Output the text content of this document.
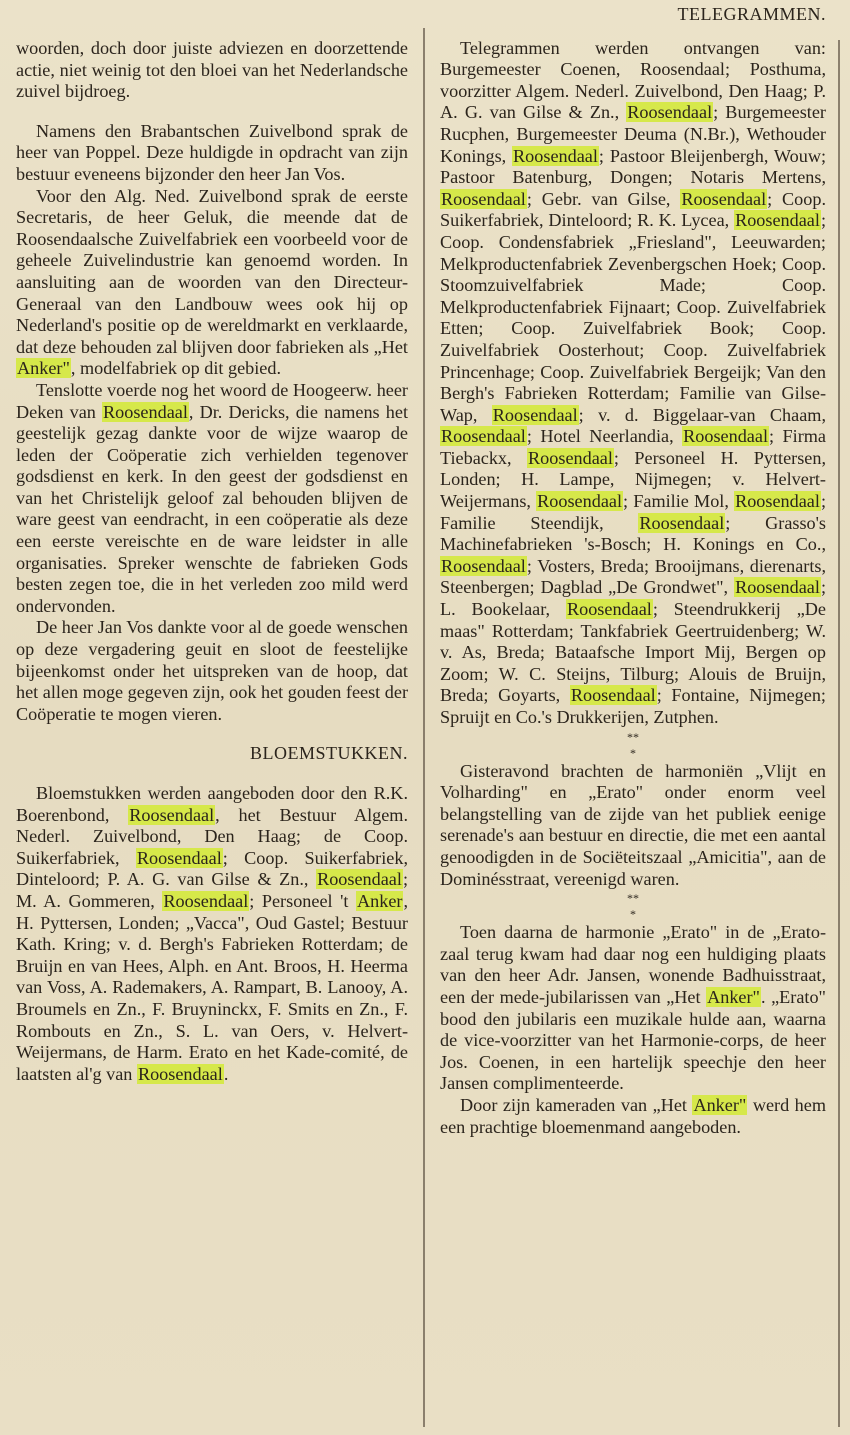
woorden, doch door juiste adviezen en doorzettende actie, niet weinig tot den bloei van het Nederlandsche zuivel bijdroeg.

Namens den Brabantschen Zuivelbond sprak de heer van Poppel. Deze huldigde in opdracht van zijn bestuur eveneens bijzonder den heer Jan Vos.

Voor den Alg. Ned. Zuivelbond sprak de eerste Secretaris, de heer Geluk, die meende dat de Roosendaalsche Zuivelfabriek een voorbeeld voor de geheele Zuivelindustrie kan genoemd worden. In aansluiting aan de woorden van den Directeur-Generaal van den Landbouw wees ook hij op Nederland's positie op de wereldmarkt en verklaarde, dat deze behouden zal blijven door fabrieken als „Het Anker", modelfabriek op dit gebied.

Tenslotte voerde nog het woord de Hoogeerw. heer Deken van Roosendaal, Dr. Dericks, die namens het geestelijk gezag dankte voor de wijze waarop de leden der Coöperatie zich verhielden tegenover godsdienst en kerk. In den geest der godsdienst en van het Christelijk geloof zal behouden blijven de ware geest van eendracht, in een coöperatie als deze een eerste vereischte en de ware leidster in alle organisaties. Spreker wenschte de fabrieken Gods besten zegen toe, die in het verleden zoo mild werd ondervonden.

De heer Jan Vos dankte voor al de goede wenschen op deze vergadering geuit en sloot de feestelijke bijeenkomst onder het uitspreken van de hoop, dat het allen moge gegeven zijn, ook het gouden feest der Coöperatie te mogen vieren.

BLOEMSTUKKEN.

Bloemstukken werden aangeboden door den R.K. Boerenbond, Roosendaal, het Bestuur Algem. Nederl. Zuivelbond, Den Haag; de Coop. Suikerfabriek, Roosendaal; Coop. Suikerfabriek, Dinteloord; P. A. G. van Gilse & Zn., Roosendaal; M. A. Gommeren, Roosendaal; Personeel 't Anker, H. Pyttersen, Londen; „Vacca", Oud Gastel; Bestuur Kath. Kring; v. d. Bergh's Fabrieken Rotterdam; de Bruijn en van Hees, Alph. en Ant. Broos, H. Heerma van Voss, A. Rademakers, A. Rampart, B. Lanooy, A. Broumels en Zn., F. Bruyninckx, F. Smits en Zn., F. Rombouts en Zn., S. L. van Oers, v. Helvert-Weijermans, de Harm. Erato en het Kade-comité, de laatsten al'g van Roosendaal.

TELEGRAMMEN.

Telegrammen werden ontvangen van: Burgemeester Coenen, Roosendaal; Posthuma, voorzitter Algem. Nederl. Zuivelbond, Den Haag; P. A. G. van Gilse & Zn., Roosendaal; Burgemeester Rucphen, Burgemeester Deuma (N.Br.), Wethouder Konings, Roosendaal; Pastoor Bleijenbergh, Wouw; Pastoor Batenburg, Dongen; Notaris Mertens, Roosendaal; Gebr. van Gilse, Roosendaal; Coop. Suikerfabriek, Dinteloord; R. K. Lycea, Roosendaal; Coop. Condensfabriek „Friesland", Leeuwarden; Melkproductenfabriek Zevenbergschen Hoek; Coop. Stoomzuivelfabriek Made; Coop. Melkproductenfabriek Fijnaart; Coop. Zuivelfabriek Etten; Coop. Zuivelfabriek Book; Coop. Zuivelfabriek Oosterhout; Coop. Zuivelfabriek Princenhage; Coop. Zuivelfabriek Bergeijk; Van den Bergh's Fabrieken Rotterdam; Familie van Gilse-Wap, Roosendaal; v. d. Biggelaar-van Chaam, Roosendaal; Hotel Neerlandia, Roosendaal; Firma Tiebackx, Roosendaal; Personeel H. Pyttersen, Londen; H. Lampe, Nijmegen; v. Helvert-Weijermans, Roosendaal; Familie Mol, Roosendaal; Familie Steendijk, Roosendaal; Grasso's Machinefabrieken 's-Bosch; H. Konings en Co., Roosendaal; Vosters, Breda; Brooijmans, dierenarts, Steenbergen; Dagblad „De Grondwet", Roosendaal; L. Bookelaar, Roosendaal; Steendrukkerij „De maas" Rotterdam; Tankfabriek Geertruidenberg; W. v. As, Breda; Bataafsche Import Mij, Bergen op Zoom; W. C. Steijns, Tilburg; Alouis de Bruijn, Breda; Goyarts, Roosendaal; Fontaine, Nijmegen; Spruijt en Co.'s Drukkerijen, Zutphen.

**
*

Gisteravond brachten de harmoniën „Vlijt en Volharding" en „Erato" onder enorm veel belangstelling van de zijde van het publiek eenige serenade's aan bestuur en directie, die met een aantal genoodigden in de Sociëteitszaal „Amicitia", aan de Dominésstraat, vereenigd waren.

**
*

Toen daarna de harmonie „Erato" in de „Erato-zaal terug kwam had daar nog een huldiging plaats van den heer Adr. Jansen, wonende Badhuisstraat, een der mede-jubilarissen van „Het Anker". „Erato" bood den jubilaris een muzikale hulde aan, waarna de vice-voorzitter van het Harmonie-corps, de heer Jos. Coenen, in een hartelijk speechje den heer Jansen complimenteerde.

Door zijn kameraden van „Het Anker" werd hem een prachtige bloemenmand aangeboden.
